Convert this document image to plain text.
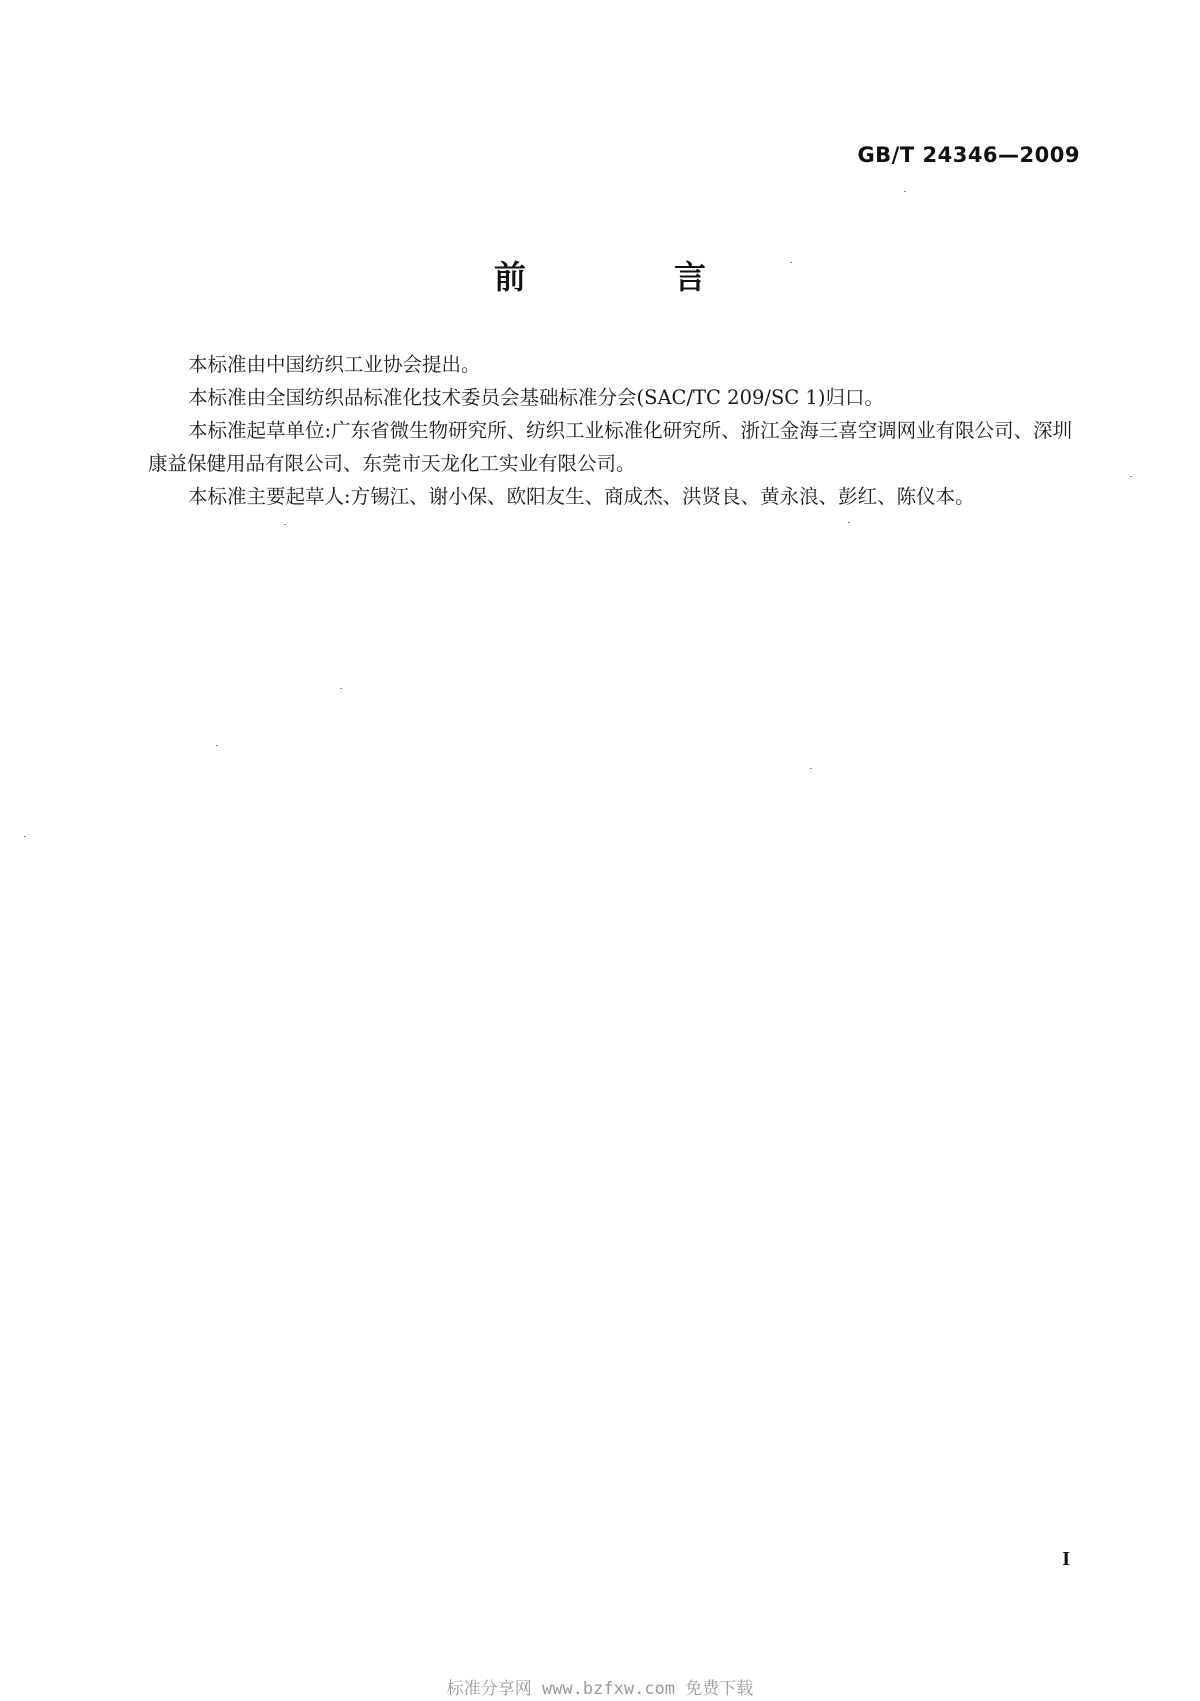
GB/T 24346—2009
前　言

本标准由中国纺织工业协会提出。

本标准由全国纺织品标准化技术委员会基础标准分会(SAC/TC 209/SC 1)归口。

本标准起草单位:广东省微生物研究所、纺织工业标准化研究所、浙江金海三喜空调网业有限公司、深圳康益保健用品有限公司、东莞市天龙化工实业有限公司。

本标准主要起草人:方锡江、谢小保、欧阳友生、商成杰、洪贤良、黄永浪、彭红、陈仪本。

I
标准分享网 www.bzfxw.com 免费下载
